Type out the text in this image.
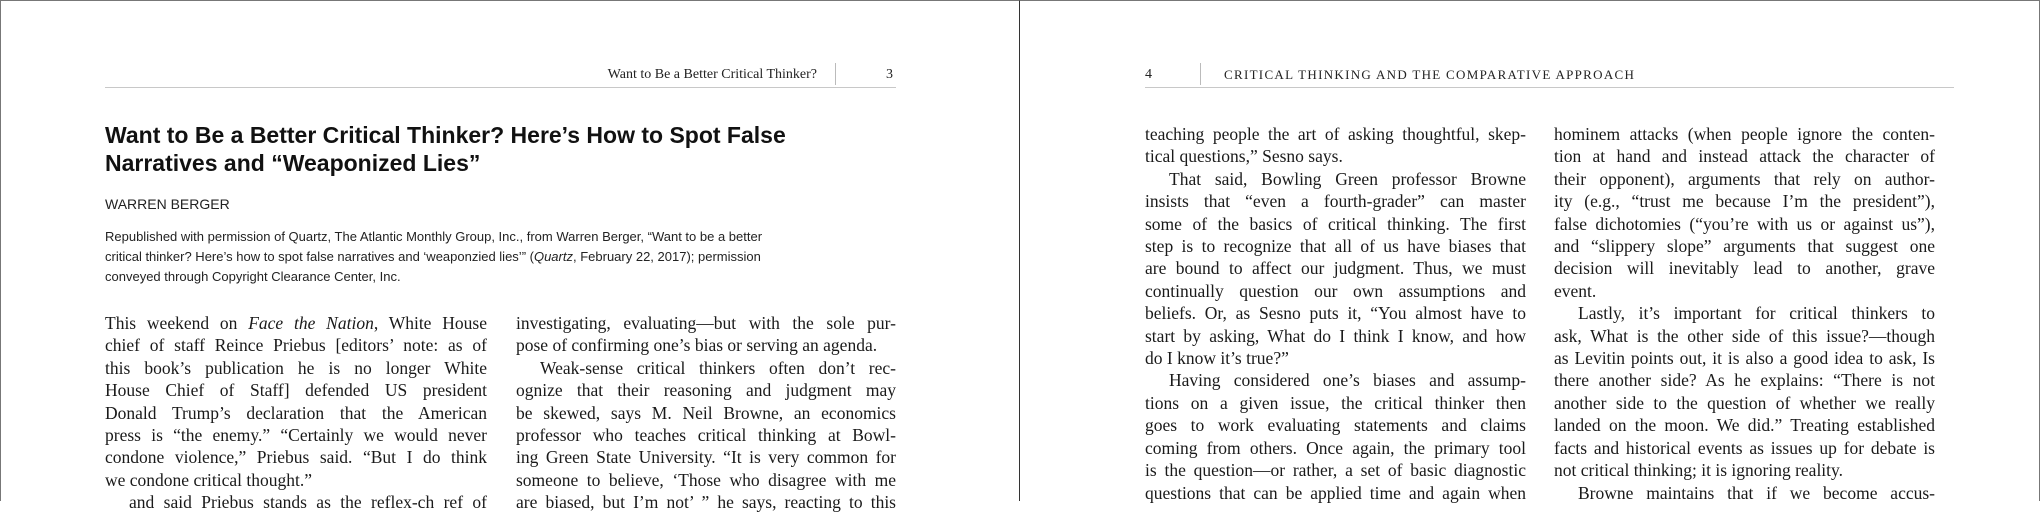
Want to Be a Better Critical Thinker?	3
Want to Be a Better Critical Thinker? Here’s How to Spot False Narratives and “Weaponized Lies”
WARREN BERGER
Republished with permission of Quartz, The Atlantic Monthly Group, Inc., from Warren Berger, “Want to be a better
critical thinker? Here’s how to spot false narratives and ‘weaponzied lies’” (Quartz, February 22, 2017); permission
conveyed through Copyright Clearance Center, Inc.
This weekend on Face the Nation, White House
chief of staff Reince Priebus [editors’ note: as of
this book’s publication he is no longer White
House Chief of Staff] defended US president
Donald Trump’s declaration that the American
press is “the enemy.” “Certainly we would never
condone violence,” Priebus said. “But I do think
we condone critical thought.”
and said Priebus stands as the reflex-ch ref of
investigating, evaluating—but with the sole pur-
pose of confirming one’s bias or serving an agenda.
Weak-sense critical thinkers often don’t rec-
ognize that their reasoning and judgment may
be skewed, says M. Neil Browne, an economics
professor who teaches critical thinking at Bowl-
ing Green State University. “It is very common for
someone to believe, ‘Those who disagree with me
are biased, but I’m not’ ” he says, reacting to this
4	CRITICAL THINKING AND THE COMPARATIVE APPROACH
teaching people the art of asking thoughtful, skep-
tical questions,” Sesno says.
That said, Bowling Green professor Browne
insists that “even a fourth-grader” can master
some of the basics of critical thinking. The first
step is to recognize that all of us have biases that
are bound to affect our judgment. Thus, we must
continually question our own assumptions and
beliefs. Or, as Sesno puts it, “You almost have to
start by asking, What do I think I know, and how
do I know it’s true?”
Having considered one’s biases and assump-
tions on a given issue, the critical thinker then
goes to work evaluating statements and claims
coming from others. Once again, the primary tool
is the question—or rather, a set of basic diagnostic
questions that can be applied time and again when
hominem attacks (when people ignore the conten-
tion at hand and instead attack the character of
their opponent), arguments that rely on author-
ity (e.g., “trust me because I’m the president”),
false dichotomies (“you’re with us or against us”),
and “slippery slope” arguments that suggest one
decision will inevitably lead to another, grave
event.
Lastly, it’s important for critical thinkers to
ask, What is the other side of this issue?—though
as Levitin points out, it is also a good idea to ask, Is
there another side? As he explains: “There is not
another side to the question of whether we really
landed on the moon. We did.” Treating established
facts and historical events as issues up for debate is
not critical thinking; it is ignoring reality.
Browne maintains that if we become accus-
